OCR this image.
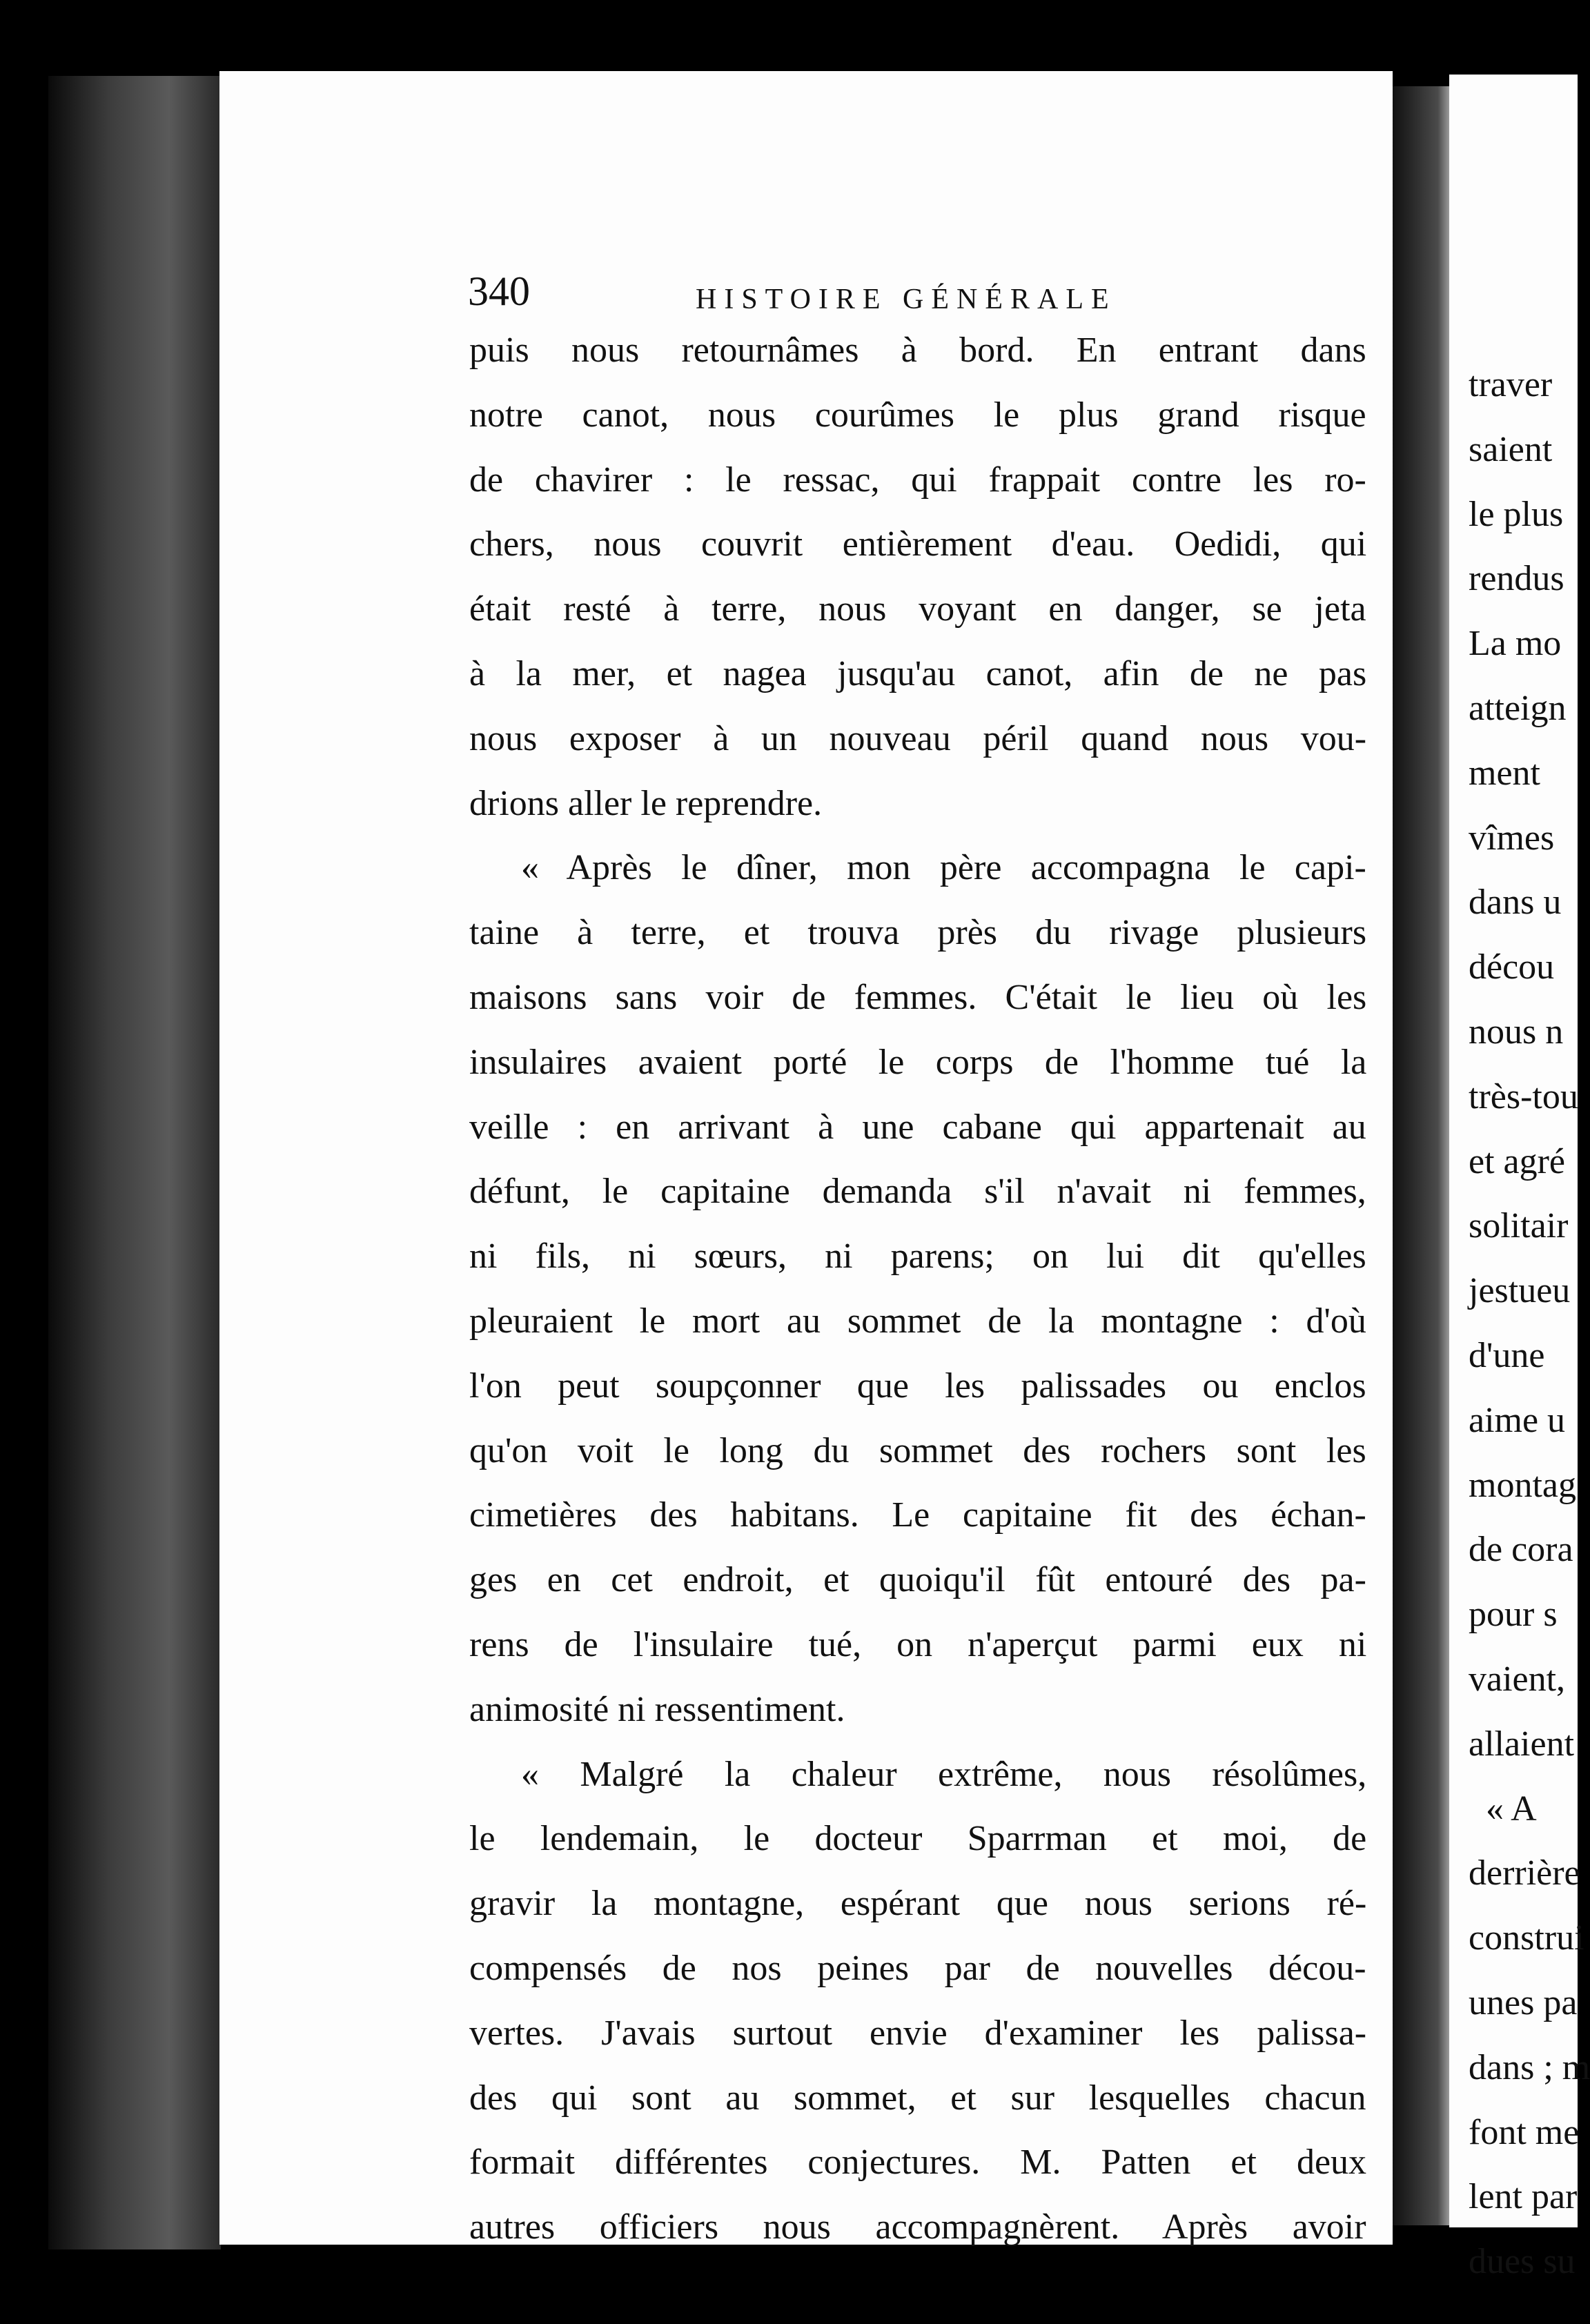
traver
saient
le plus
rendus
La mo
atteign
ment
vîmes
dans u
décou
nous n
très-tou
et agré
solitair
jestueu
d'une
aime u
montag
de cora
pour s
vaient,
allaient
« A
derrière
construi
unes pa
dans ; m
font me
lent par
dues su
340	HISTOIRE GÉNÉRALE
puis nous retournâmes à bord. En entrant dans
notre canot, nous courûmes le plus grand risque
de chavirer : le ressac, qui frappait contre les ro-
chers, nous couvrit entièrement d'eau. Oedidi, qui
était resté à terre, nous voyant en danger, se jeta
à la mer, et nagea jusqu'au canot, afin de ne pas
nous exposer à un nouveau péril quand nous vou-
drions aller le reprendre.
« Après le dîner, mon père accompagna le capi-
taine à terre, et trouva près du rivage plusieurs
maisons sans voir de femmes. C'était le lieu où les
insulaires avaient porté le corps de l'homme tué la
veille : en arrivant à une cabane qui appartenait au
défunt, le capitaine demanda s'il n'avait ni femmes,
ni fils, ni sœurs, ni parens; on lui dit qu'elles
pleuraient le mort au sommet de la montagne : d'où
l'on peut soupçonner que les palissades ou enclos
qu'on voit le long du sommet des rochers sont les
cimetières des habitans. Le capitaine fit des échan-
ges en cet endroit, et quoiqu'il fût entouré des pa-
rens de l'insulaire tué, on n'aperçut parmi eux ni
animosité ni ressentiment.
« Malgré la chaleur extrême, nous résolûmes,
le lendemain, le docteur Sparrman et moi, de
gravir la montagne, espérant que nous serions ré-
compensés de nos peines par de nouvelles décou-
vertes. J'avais surtout envie d'examiner les palissa-
des qui sont au sommet, et sur lesquelles chacun
formait différentes conjectures. M. Patten et deux
autres officiers nous accompagnèrent. Après avoir
